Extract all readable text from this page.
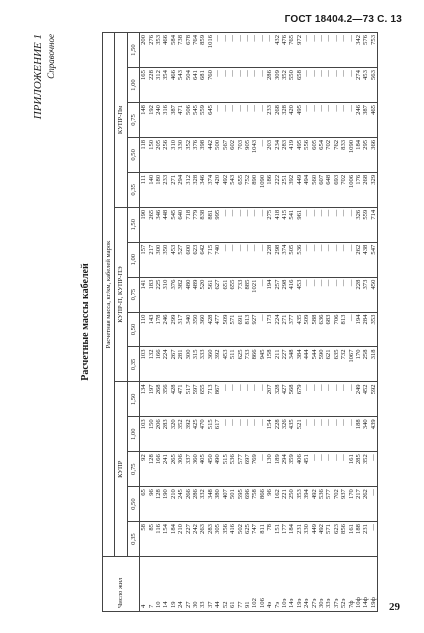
ГОСТ 18404.2—73 С. 13
ПРИЛОЖЕНИЕ 1 Справочное
Расчетные массы кабелей
Число жил	Расчетная масса, кг/км, кабелей марок														
	КУПР					КУПР-П, КУПР-ПЭ					КУПР-Пм				
	0,35	0,50	0,75	1,00	1,50	0,35	0,50	0,75	1,00	1,50	0,35	0,50	0,75	1,00	1,50
4	58	65	92	103	134	103	110	141	157	190	111	118	148	165	200
7	85	96	128	150	197	132	143	183	217	265	140	150	192	228	276
10	116	128	166	206	268	166	178	225	300	346	180	205	240	312	353
14	154	190	241	283	356	224	246	310	350	448	233	256	316	354	466
19	184	210	265	320	428	267	299	376	453	545	271	310	387	466	584
24	210	245	306	352	471	281	317	382	527	640	294	330	471	543	738
27	227	266	337	392	517	300	340	480	600	718	312	352	506	504	678
30	242	286	360	425	597	315	350	489	623	779	328	376	545	641	764
33	263	332	405	470	655	333	360	520	642	838	346	398	559	681	859
37	283	348	450	515	713	360	428	561	715	881	374	442	645	760	1016
44	305	380	490	617	867	392	477	627	740	995	420	500	—	—	—
52	356	407	515	—	—	453	509	651	—	—	492	567	—	—	—
61	416	501	536	—	—	511	571	655	—	—	543	602	—	—	—
77	502	595	577	—	—	625	691	733	—	—	655	703	—	—	—
91	625	696	697	—	—	733	813	885	—	—	752	905	—	—	—
102	747	758	769	—	—	866	927	1021	—	—	890	1043	—	—	—
106	811	866	—	—	—	945	—	—	—	—	1090	—	—	—	—
4э	78	96	130	154	207	158	173	194	228	275	186	203	233	286	—
7э	151	162	189	228	328	211	224	257	298	418	222	234	268	309	432
10э	177	221	294	326	427	227	271	298	374	415	251	283	328	352	476
14э	184	250	359	435	568	348	377	416	505	541	392	419	420	550	765
19э	231	353	406	521	679	384	435	453	536	961	449	495	495	658	972
24э	330	394	451	—	—	444	509	—	—	—	494	556	—	—	—
27э	449	492	—	—	—	544	588	—	—	—	560	605	—	—	—
30э	492	536	—	—	—	590	636	—	—	—	607	654	—	—	—
33э	571	577	—	—	—	621	683	—	—	—	648	702	—	—	—
37э	623	702	—	—	—	635	706	—	—	—	693	762	—	—	—
52э	856	937	—	—	—	732	813	—	—	—	702	833	—	—	—
7ф	161	170	161	—	—	1067	—	—	—	—	1006	1090	—	—	—
10ф	188	217	285	188	249	170	194	228	262	326	176	184	246	274	342
14ф	231	262	352	340	452	258	284	373	438	559	268	295	387	453	576
19ф	—	—	—	439	592	318	353	450	547	714	329	366	465	563	753
29
